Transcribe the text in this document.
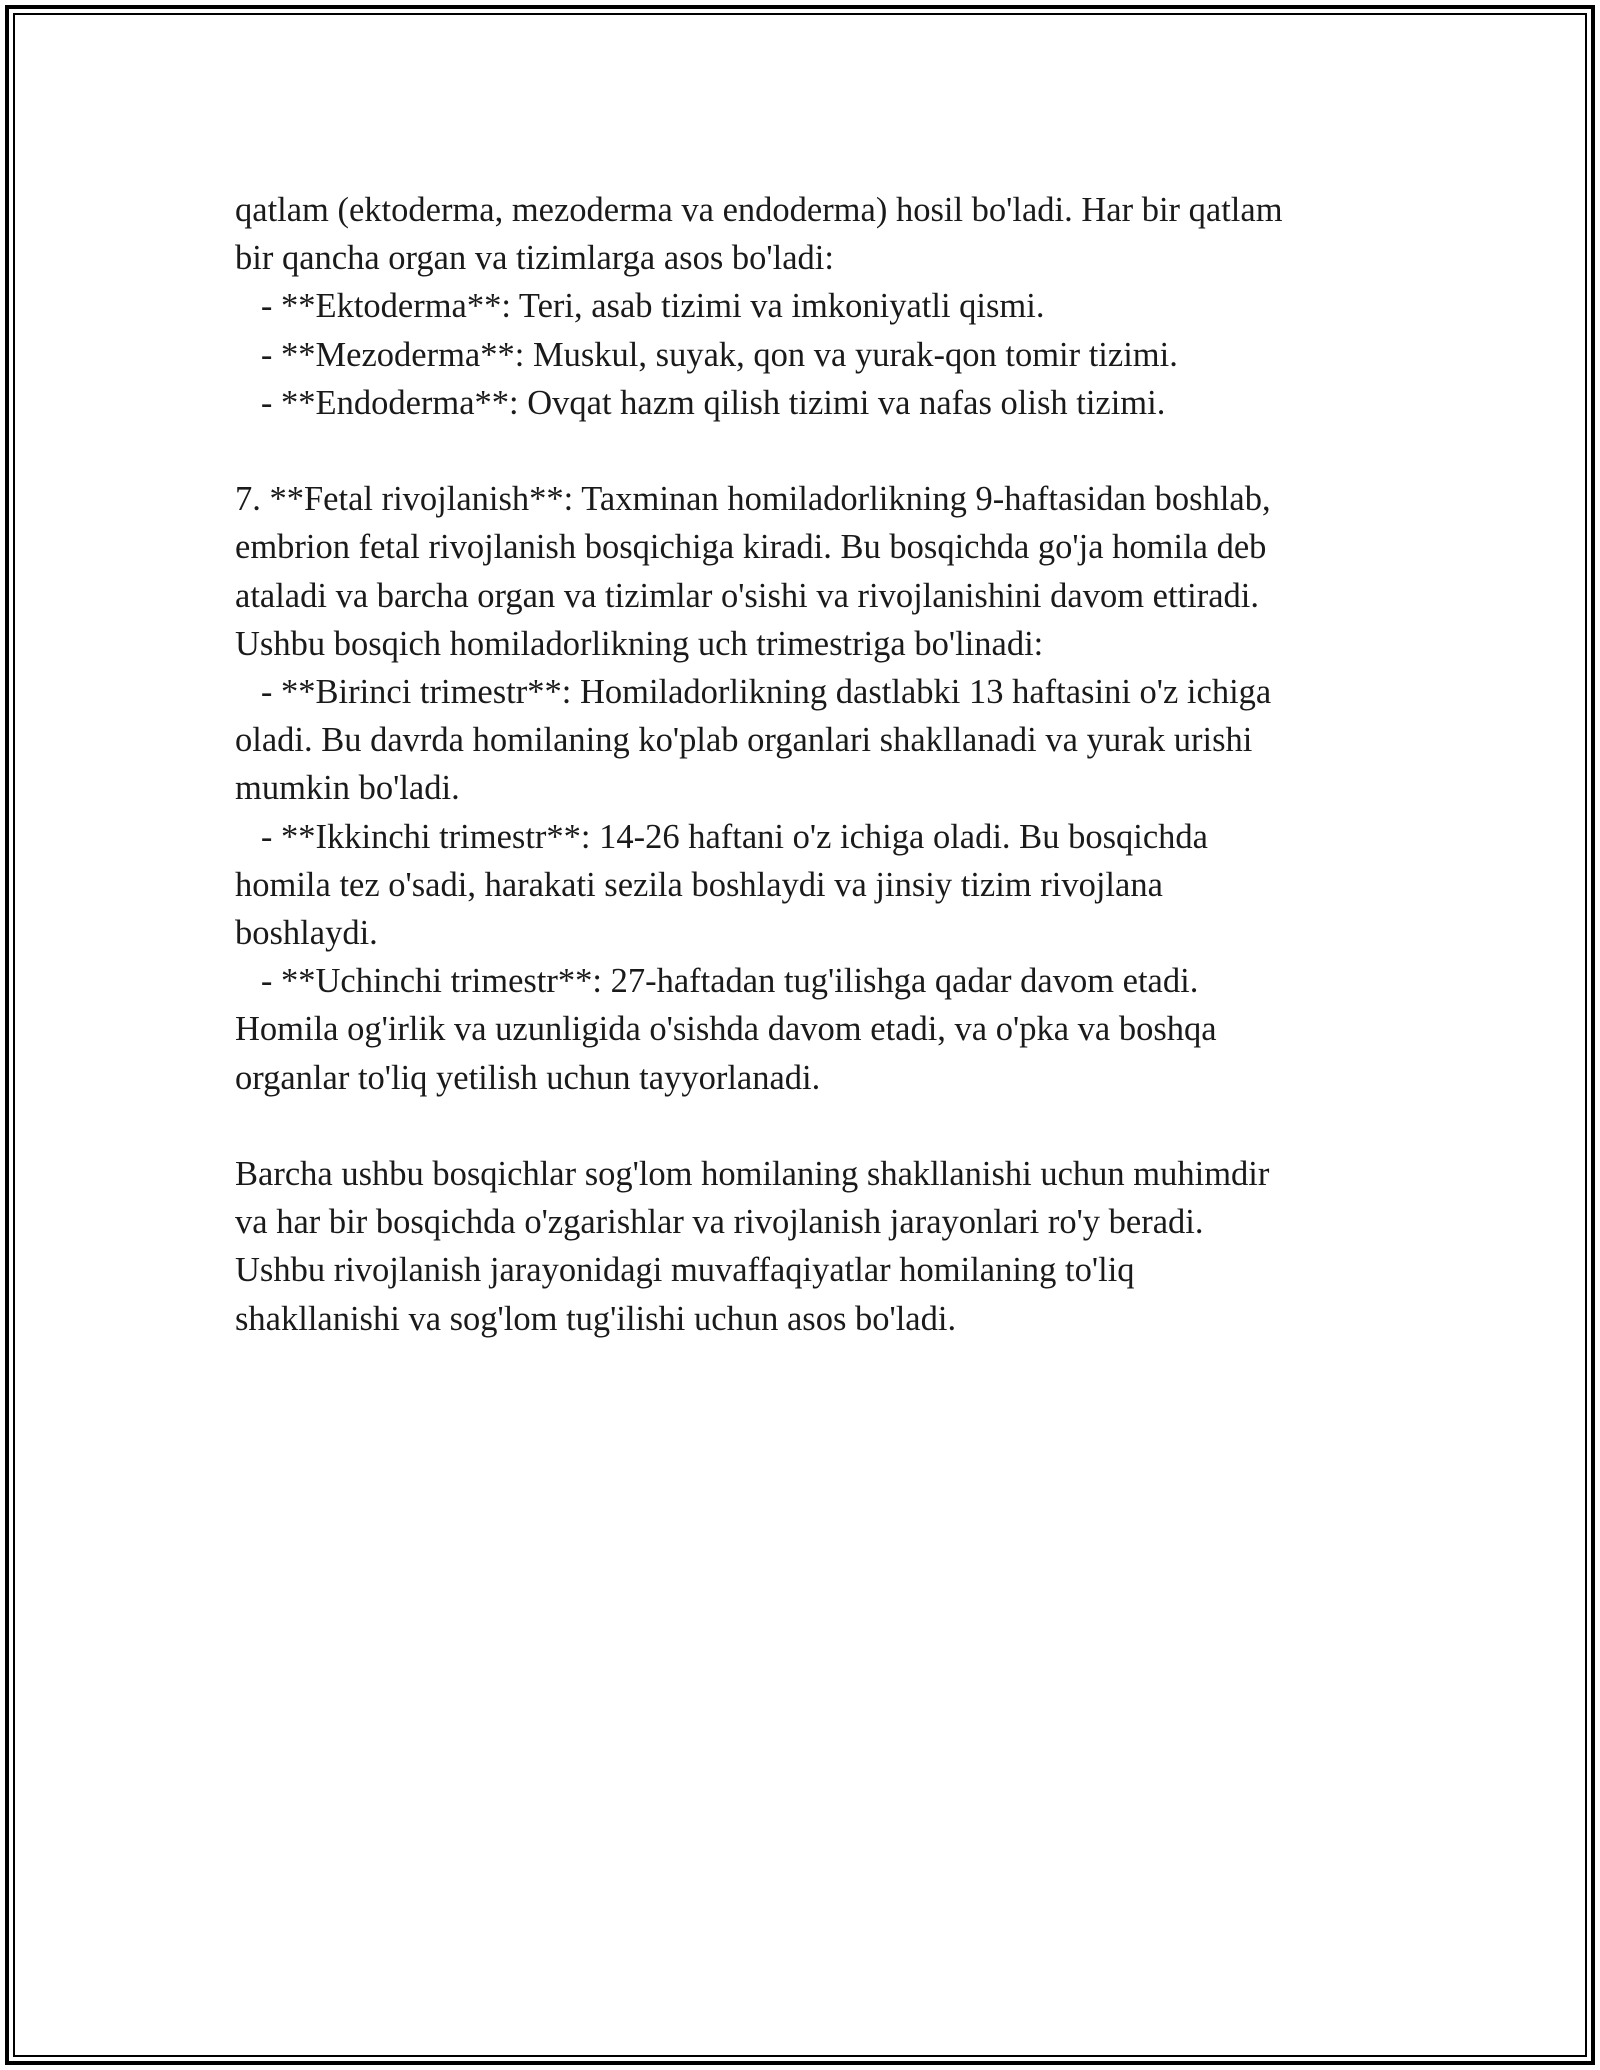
qatlam (ektoderma, mezoderma va endoderma) hosil bo'ladi. Har bir qatlam

bir qancha organ va tizimlarga asos bo'ladi:

- **Ektoderma**: Teri, asab tizimi va imkoniyatli qismi.

- **Mezoderma**: Muskul, suyak, qon va yurak-qon tomir tizimi.

- **Endoderma**: Ovqat hazm qilish tizimi va nafas olish tizimi.

7. **Fetal rivojlanish**: Taxminan homiladorlikning 9-haftasidan boshlab,

embrion fetal rivojlanish bosqichiga kiradi. Bu bosqichda go'ja homila deb

ataladi va barcha organ va tizimlar o'sishi va rivojlanishini davom ettiradi.

Ushbu bosqich homiladorlikning uch trimestriga bo'linadi:

- **Birinci trimestr**: Homiladorlikning dastlabki 13 haftasini o'z ichiga

oladi. Bu davrda homilaning ko'plab organlari shakllanadi va yurak urishi

mumkin bo'ladi.

- **Ikkinchi trimestr**: 14-26 haftani o'z ichiga oladi. Bu bosqichda

homila tez o'sadi, harakati sezila boshlaydi va jinsiy tizim rivojlana

boshlaydi.

- **Uchinchi trimestr**: 27-haftadan tug'ilishga qadar davom etadi.

Homila og'irlik va uzunligida o'sishda davom etadi, va o'pka va boshqa

organlar to'liq yetilish uchun tayyorlanadi.

Barcha ushbu bosqichlar sog'lom homilaning shakllanishi uchun muhimdir

va har bir bosqichda o'zgarishlar va rivojlanish jarayonlari ro'y beradi.

Ushbu rivojlanish jarayonidagi muvaffaqiyatlar homilaning to'liq

shakllanishi va sog'lom tug'ilishi uchun asos bo'ladi.
